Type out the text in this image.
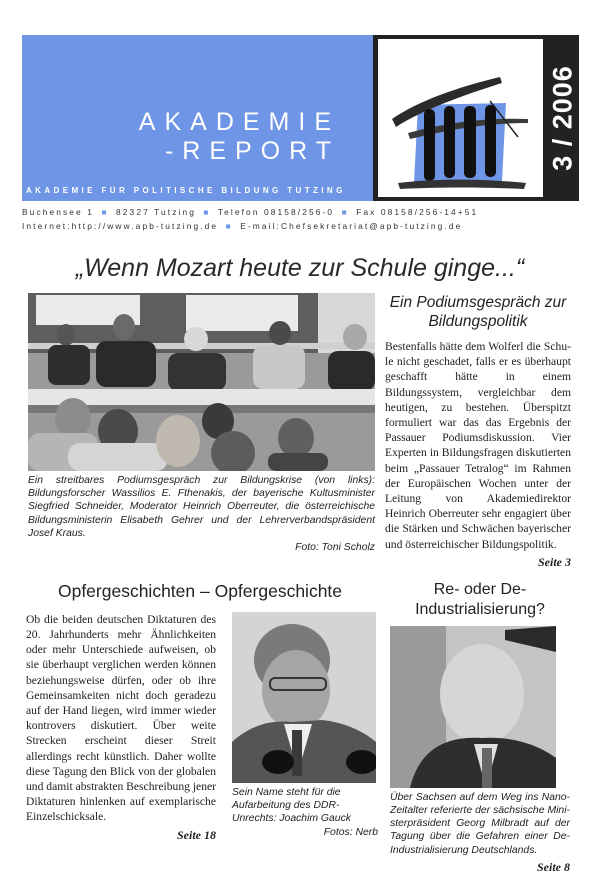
AKADEMIE
-REPORT
AKADEMIE FÜR POLITISCHE BILDUNG TUTZING
3 / 2006
Buchensee 1 ■ 82327 Tutzing ■ Telefon 08158/256-0 ■ Fax 08158/256-14+51
Internet:http://www.apb-tutzing.de ■ E-mail:Chefsekretariat@apb-tutzing.de
„Wenn Mozart heute zur Schule ginge...“
Ein streitbares Podiumsgespräch zur Bildungskrise (von links): Bildungsforscher Wassilios E. Fthenakis, der bayerische Kultusminister Siegfried Schneider, Moderator Heinrich Oberreuter, die österreichische Bildungsministerin Elisabeth Gehrer und der Lehrerverbandspräsident Josef Kraus.
Foto: Toni Scholz
Ein Podiumsgespräch zur Bildungspolitik
Bestenfalls hätte dem Wolferl die Schule nicht geschadet, falls er es überhaupt geschafft hätte in einem Bildungssystem, vergleichbar dem heutigen, zu bestehen. Überspitzt formuliert war das das Ergebnis der Passauer Podiumsdiskussion. Vier Experten in Bildungsfragen diskutierten beim „Passauer Tetralog“ im Rahmen der Europäischen Wochen unter der Leitung von Akademiedirektor Heinrich Oberreuter sehr engagiert über die Stärken und Schwächen bayerischer und österreichischer Bildungspolitik.
Seite 3
Opfergeschichten – Opfergeschichte
Ob die beiden deutschen Diktaturen des 20. Jahrhunderts mehr Ähnlichkeiten oder mehr Unterschiede aufweisen, ob sie überhaupt verglichen werden können beziehungsweise dürfen, oder ob ihre Gemeinsamkeiten nicht doch geradezu auf der Hand liegen, wird immer wieder kontrovers diskutiert. Über weite Strecken erscheint dieser Streit allerdings recht künstlich. Daher wollte diese Tagung den Blick von der globalen und damit abstrakten Beschreibung jener Diktaturen hinlenken auf exemplarische Einzelschicksale.
Seite 18
Sein Name steht für die Aufarbeitung des DDR-Unrechts: Joachim Gauck
Fotos: Nerb
Re- oder De-Industrialisierung?
Über Sachsen auf dem Weg ins Nano-Zeitalter referierte der sächsische Ministerpräsident Georg Milbradt auf der Tagung über die Gefahren einer De-Industrialisierung Deutschlands.
Seite 8
